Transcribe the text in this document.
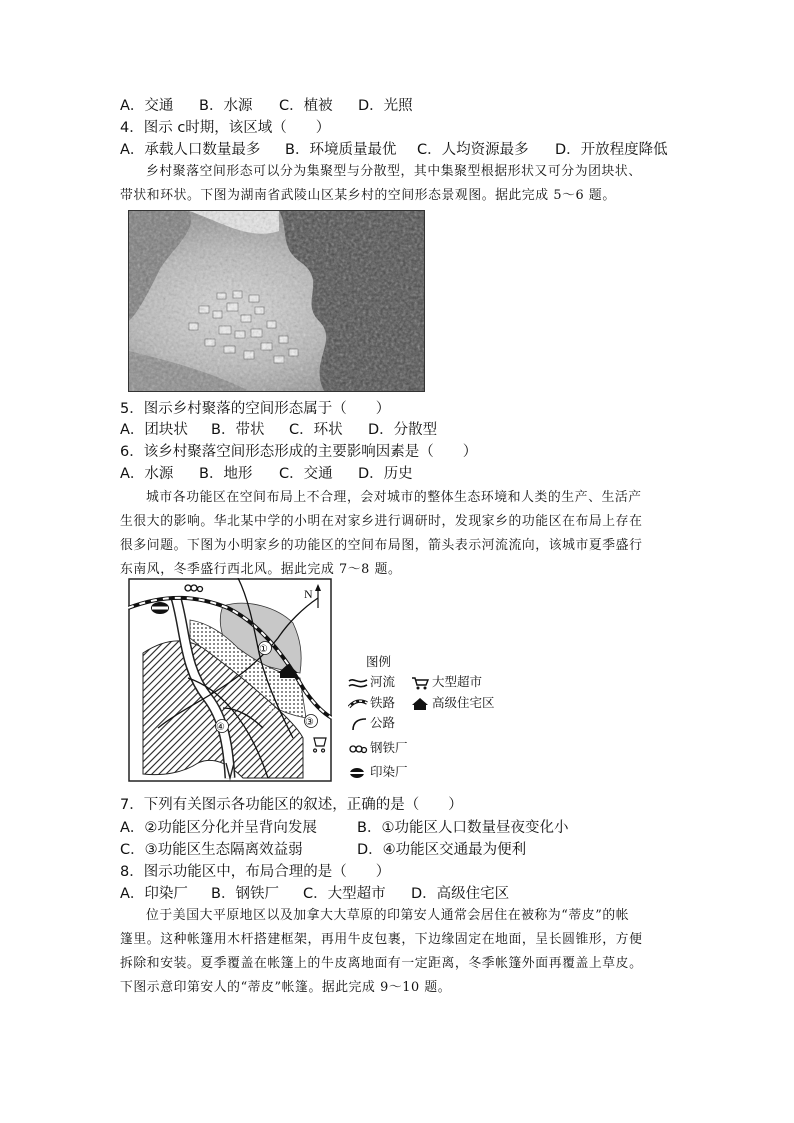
A．交通 B．水源 C．植被 D．光照
4．图示 c时期，该区域（　　）
A．承载人口数量最多 B．环境质量最优 C．人均资源最多 D．开放程度降低
乡村聚落空间形态可以分为集聚型与分散型，其中集聚型根据形状又可分为团块状、
带状和环状。下图为湖南省武陵山区某乡村的空间形态景观图。据此完成 5～6 题。
5．图示乡村聚落的空间形态属于（　　）
A．团块状 B．带状 C．环状 D．分散型
6．该乡村聚落空间形态形成的主要影响因素是（　　）
A．水源 B．地形 C．交通 D．历史
城市各功能区在空间布局上不合理，会对城市的整体生态环境和人类的生产、生活产
生很大的影响。华北某中学的小明在对家乡进行调研时，发现家乡的功能区在布局上存在
很多问题。下图为小明家乡的功能区的空间布局图，箭头表示河流流向，该城市夏季盛行
东南风，冬季盛行西北风。据此完成 7～8 题。
N
①
②
③
④
图例
河流	大型超市
铁路	高级住宅区
公路
钢铁厂
印染厂
7．下列有关图示各功能区的叙述，正确的是（　　）
A．②功能区分化并呈背向发展	B．①功能区人口数量昼夜变化小
C．③功能区生态隔离效益弱	D．④功能区交通最为便利
8．图示功能区中，布局合理的是（　　）
A．印染厂 B．钢铁厂 C．大型超市 D．高级住宅区
位于美国大平原地区以及加拿大大草原的印第安人通常会居住在被称为“蒂皮”的帐
篷里。这种帐篷用木杆搭建框架，再用牛皮包裹，下边缘固定在地面，呈长圆锥形，方便
拆除和安装。夏季覆盖在帐篷上的牛皮离地面有一定距离，冬季帐篷外面再覆盖上草皮。
下图示意印第安人的“蒂皮”帐篷。据此完成 9～10 题。
